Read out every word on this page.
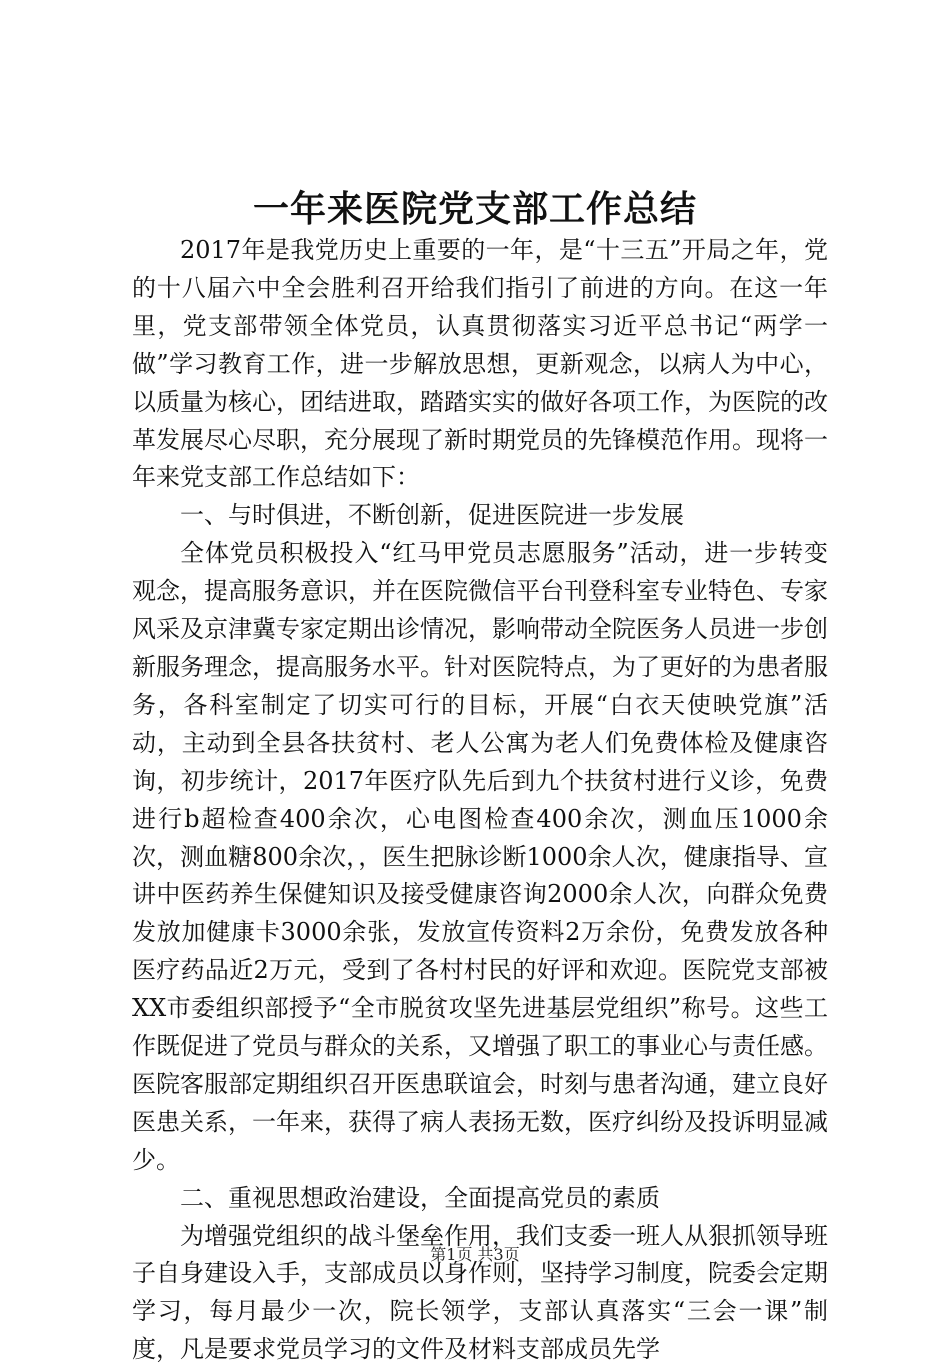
一年来医院党支部工作总结

2017年是我党历史上重要的一年，是“十三五”开局之年，党的十八届六中全会胜利召开给我们指引了前进的方向。在这一年里，党支部带领全体党员，认真贯彻落实习近平总书记“两学一做”学习教育工作，进一步解放思想，更新观念，以病人为中心，以质量为核心，团结进取，踏踏实实的做好各项工作，为医院的改革发展尽心尽职，充分展现了新时期党员的先锋模范作用。现将一年来党支部工作总结如下：

一、与时俱进，不断创新，促进医院进一步发展

全体党员积极投入“红马甲党员志愿服务”活动，进一步转变观念，提高服务意识，并在医院微信平台刊登科室专业特色、专家风采及京津冀专家定期出诊情况，影响带动全院医务人员进一步创新服务理念，提高服务水平。针对医院特点，为了更好的为患者服务，各科室制定了切实可行的目标，开展“白衣天使映党旗”活动，主动到全县各扶贫村、老人公寓为老人们免费体检及健康咨询，初步统计，2017年医疗队先后到九个扶贫村进行义诊，免费进行b超检查400余次，心电图检查400余次，测血压1000余次，测血糖800余次，，医生把脉诊断1000余人次，健康指导、宣讲中医药养生保健知识及接受健康咨询2000余人次，向群众免费发放加健康卡3000余张，发放宣传资料2万余份，免费发放各种医疗药品近2万元，受到了各村村民的好评和欢迎。医院党支部被XX市委组织部授予“全市脱贫攻坚先进基层党组织”称号。这些工作既促进了党员与群众的关系，又增强了职工的事业心与责任感。医院客服部定期组织召开医患联谊会，时刻与患者沟通，建立良好医患关系，一年来，获得了病人表扬无数，医疗纠纷及投诉明显减少。

二、重视思想政治建设，全面提高党员的素质

为增强党组织的战斗堡垒作用，我们支委一班人从狠抓领导班子自身建设入手，支部成员以身作则，坚持学习制度，院委会定期学习，每月最少一次，院长领学，支部认真落实“三会一课”制度，凡是要求党员学习的文件及材料支部成员先学

第1页 共3页
